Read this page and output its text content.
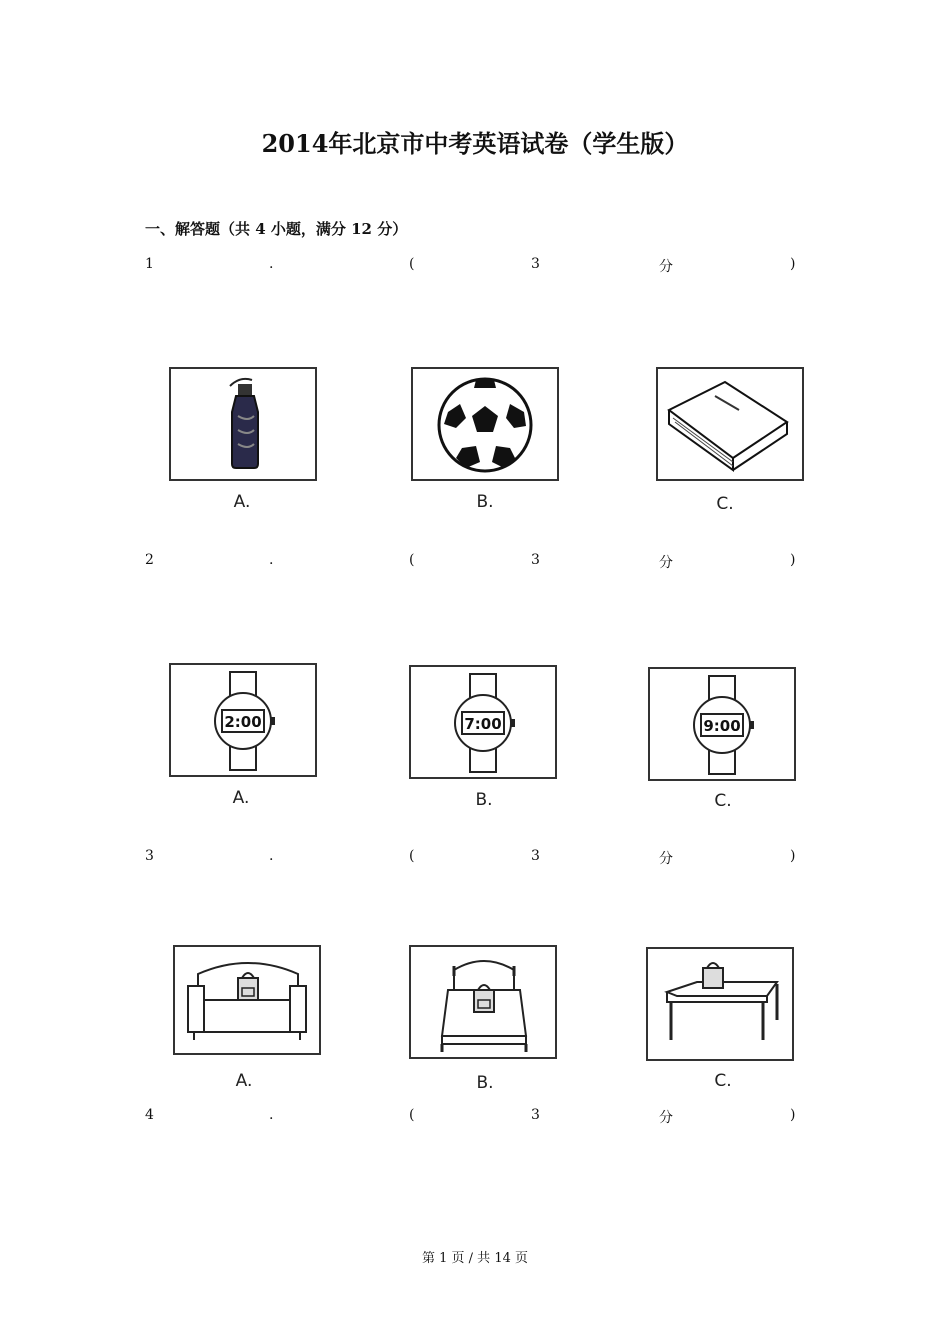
2014年北京市中考英语试卷（学生版）
一、解答题（共 4 小题，满分 12 分）
1	.	(	3	分	)
2	.	(	3	分	)
3	.	(	3	分	)
4	.	(	3	分	)
A.	B.	C.
2:00	7:00	9:00
A.	B.	C.
A.	B.	C.
第 1 页 / 共 14 页
